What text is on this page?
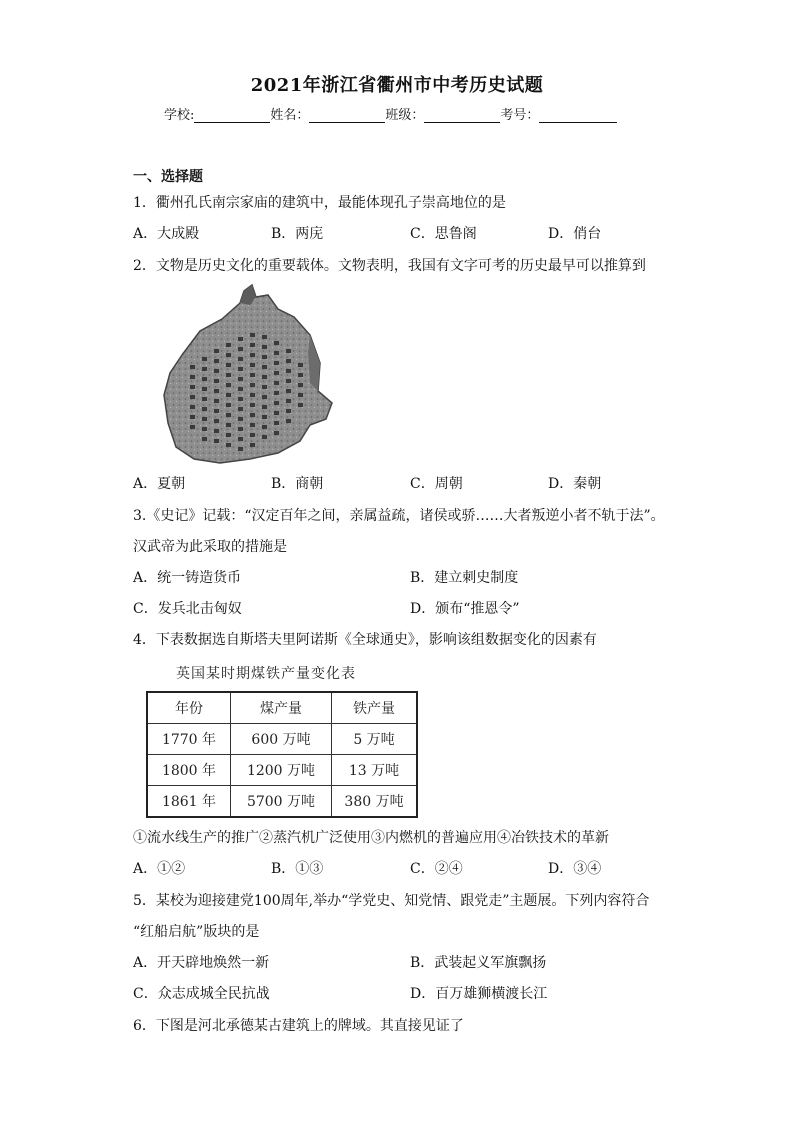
2021年浙江省衢州市中考历史试题
学校:	姓名：	班级：	考号：
一、选择题
1．衢州孔氏南宗家庙的建筑中，最能体现孔子崇高地位的是
A．大成殿	B．两庑	C．思鲁阁	D．俏台
2．文物是历史文化的重要载体。文物表明，我国有文字可考的历史最早可以推算到
A．夏朝	B．商朝	C．周朝	D．秦朝
3.《史记》记载：“汉定百年之间，亲属益疏，诸侯或骄……大者叛逆小者不轨于法”。
汉武帝为此采取的措施是
A．统一铸造货币	B．建立刺史制度
C．发兵北击匈奴	D．颁布“推恩令”
4．下表数据选自斯塔夫里阿诺斯《全球通史》，影响该组数据变化的因素有
英国某时期煤铁产量变化表
年份	煤产量	铁产量
1770 年	600 万吨	5 万吨
1800 年	1200 万吨	13 万吨
1861 年	5700 万吨	380 万吨
①流水线生产的推广②蒸汽机广泛使用③内燃机的普遍应用④冶铁技术的革新
A．①②	B．①③	C．②④	D．③④
5．某校为迎接建党100周年,举办“学党史、知党情、跟党走”主题展。下列内容符合
“红船启航”版块的是
A．开天辟地焕然一新	B．武装起义军旗飘扬
C．众志成城全民抗战	D．百万雄狮横渡长江
6．下图是河北承德某古建筑上的牌域。其直接见证了
